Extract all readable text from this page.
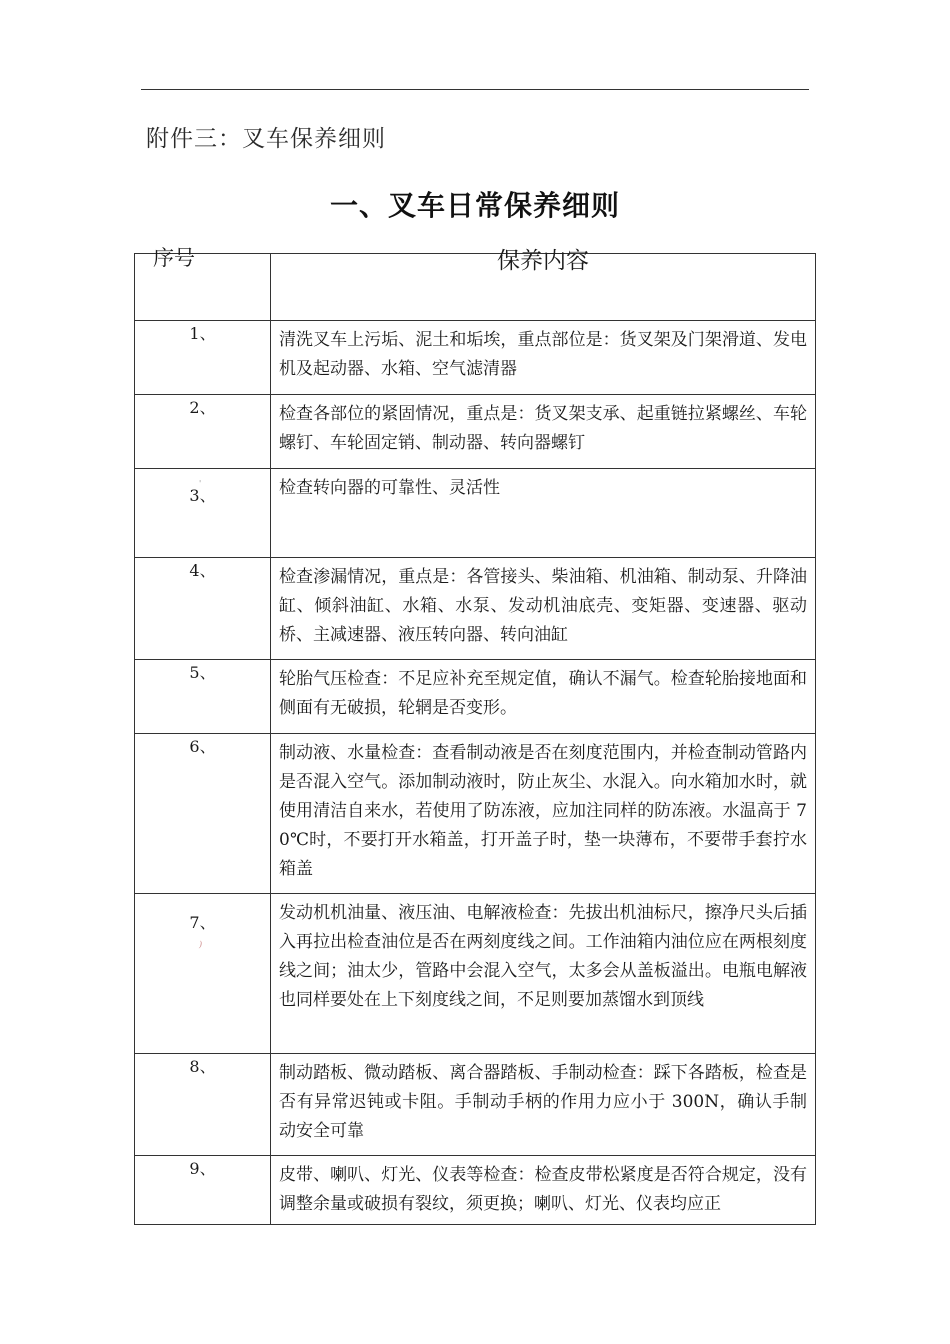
附件三：叉车保养细则
一、叉车日常保养细则
序号	保养内容

1、	清洗叉车上污垢、泥土和垢埃，重点部位是：货叉架及门架滑道、发电机及起动器、水箱、空气滤清器
2、	检查各部位的紧固情况，重点是：货叉架支承、起重链拉紧螺丝、车轮螺钉、车轮固定销、制动器、转向器螺钉

'
3、	检查转向器的可靠性、灵活性
4、	检查渗漏情况，重点是：各管接头、柴油箱、机油箱、制动泵、升降油缸、倾斜油缸、水箱、水泵、发动机油底壳、变矩器、变速器、驱动桥、主减速器、液压转向器、转向油缸
5、	轮胎气压检查：不足应补充至规定值，确认不漏气。检查轮胎接地面和侧面有无破损，轮辋是否变形。
6、	制动液、水量检查：查看制动液是否在刻度范围内，并检查制动管路内是否混入空气。添加制动液时，防止灰尘、水混入。向水箱加水时，就使用清洁自来水，若使用了防冻液，应加注同样的防冻液。水温高于 70℃时，不要打开水箱盖，打开盖子时，垫一块薄布，不要带手套拧水箱盖

)
7、	发动机机油量、液压油、电解液检查：先拔出机油标尺，擦净尺头后插入再拉出检查油位是否在两刻度线之间。工作油箱内油位应在两根刻度线之间；油太少，管路中会混入空气，太多会从盖板溢出。电瓶电解液也同样要处在上下刻度线之间，不足则要加蒸馏水到顶线
8、	制动踏板、微动踏板、离合器踏板、手制动检查：踩下各踏板，检查是否有异常迟钝或卡阻。手制动手柄的作用力应小于 300N，确认手制动安全可靠
9、	皮带、喇叭、灯光、仪表等检查：检查皮带松紧度是否符合规定，没有调整余量或破损有裂纹，须更换；喇叭、灯光、仪表均应正
